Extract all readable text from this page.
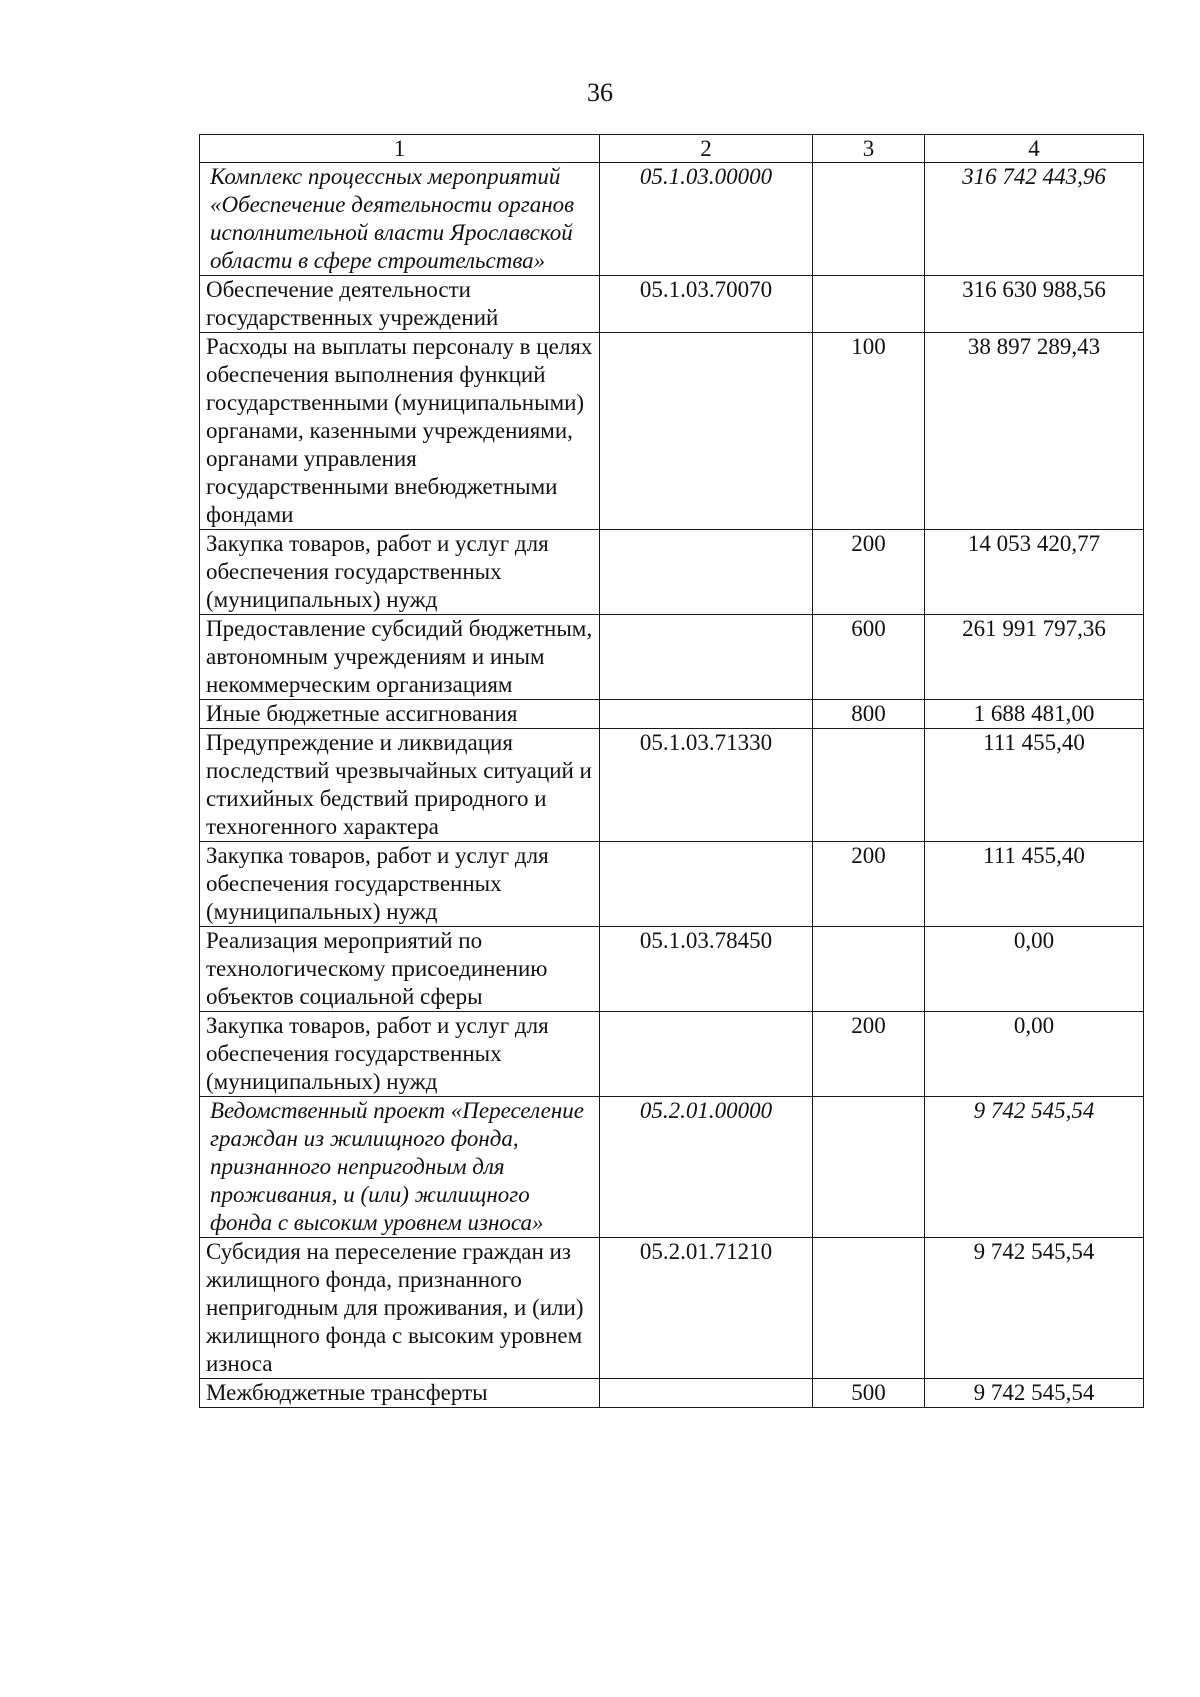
36
1	2	3	4
Комплекс процессных мероприятий «Обеспечение деятельности органов исполнительной власти Ярославской области в сфере строительства»	05.1.03.00000		316 742 443,96
Обеспечение деятельности государственных учреждений	05.1.03.70070		316 630 988,56
Расходы на выплаты персоналу в целях обеспечения выполнения функций государственными (муниципальными) органами, казенными учреждениями, органами управления государственными внебюджетными фондами		100	38 897 289,43
Закупка товаров, работ и услуг для обеспечения государственных (муниципальных) нужд		200	14 053 420,77
Предоставление субсидий бюджетным, автономным учреждениям и иным некоммерческим организациям		600	261 991 797,36
Иные бюджетные ассигнования		800	1 688 481,00
Предупреждение и ликвидация последствий чрезвычайных ситуаций и стихийных бедствий природного и техногенного характера	05.1.03.71330		111 455,40
Закупка товаров, работ и услуг для обеспечения государственных (муниципальных) нужд		200	111 455,40
Реализация мероприятий по технологическому присоединению объектов социальной сферы	05.1.03.78450		0,00
Закупка товаров, работ и услуг для обеспечения государственных (муниципальных) нужд		200	0,00
Ведомственный проект «Переселение граждан из жилищного фонда, признанного непригодным для проживания, и (или) жилищного фонда с высоким уровнем износа»	05.2.01.00000		9 742 545,54
Субсидия на переселение граждан из жилищного фонда, признанного непригодным для проживания, и (или) жилищного фонда с высоким уровнем износа	05.2.01.71210		9 742 545,54
Межбюджетные трансферты		500	9 742 545,54
